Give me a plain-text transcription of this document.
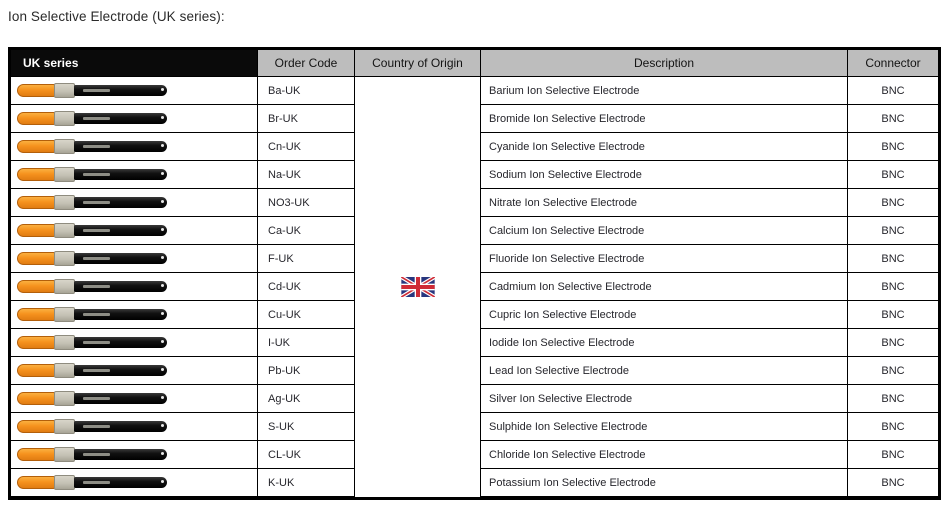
Ion Selective Electrode (UK series):
UK series	Order Code	Country of Origin	Description	Connector
Ba-UK	Barium Ion Selective Electrode	BNC
Br-UK	Bromide Ion Selective Electrode	BNC
Cn-UK	Cyanide Ion Selective Electrode	BNC
Na-UK	Sodium Ion Selective Electrode	BNC
NO3-UK	Nitrate Ion Selective Electrode	BNC
Ca-UK	Calcium Ion Selective Electrode	BNC
F-UK	Fluoride Ion Selective Electrode	BNC
Cd-UK	Cadmium Ion Selective Electrode	BNC
Cu-UK	Cupric Ion Selective Electrode	BNC
I-UK	Iodide Ion Selective Electrode	BNC
Pb-UK	Lead Ion Selective Electrode	BNC
Ag-UK	Silver Ion Selective Electrode	BNC
S-UK	Sulphide Ion Selective Electrode	BNC
CL-UK	Chloride Ion Selective Electrode	BNC
K-UK	Potassium Ion Selective Electrode	BNC
